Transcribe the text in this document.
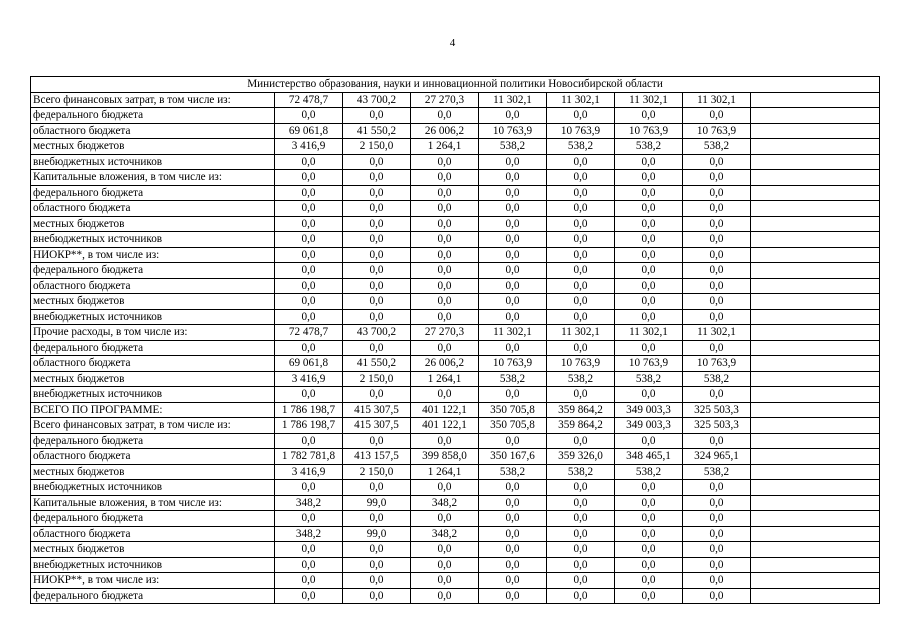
4
Министерство образования, науки и инновационной политики Новосибирской области								
Всего финансовых затрат, в том числе из:	72 478,7	43 700,2	27 270,3	11 302,1	11 302,1	11 302,1	11 302,1	
федерального бюджета	0,0	0,0	0,0	0,0	0,0	0,0	0,0	
областного бюджета	69 061,8	41 550,2	26 006,2	10 763,9	10 763,9	10 763,9	10 763,9	
местных бюджетов	3 416,9	2 150,0	1 264,1	538,2	538,2	538,2	538,2	
внебюджетных источников	0,0	0,0	0,0	0,0	0,0	0,0	0,0	
Капитальные вложения, в том числе из:	0,0	0,0	0,0	0,0	0,0	0,0	0,0	
федерального бюджета	0,0	0,0	0,0	0,0	0,0	0,0	0,0	
областного бюджета	0,0	0,0	0,0	0,0	0,0	0,0	0,0	
местных бюджетов	0,0	0,0	0,0	0,0	0,0	0,0	0,0	
внебюджетных источников	0,0	0,0	0,0	0,0	0,0	0,0	0,0	
НИОКР**, в том числе из:	0,0	0,0	0,0	0,0	0,0	0,0	0,0	
федерального бюджета	0,0	0,0	0,0	0,0	0,0	0,0	0,0	
областного бюджета	0,0	0,0	0,0	0,0	0,0	0,0	0,0	
местных бюджетов	0,0	0,0	0,0	0,0	0,0	0,0	0,0	
внебюджетных источников	0,0	0,0	0,0	0,0	0,0	0,0	0,0	
Прочие расходы, в том числе из:	72 478,7	43 700,2	27 270,3	11 302,1	11 302,1	11 302,1	11 302,1	
федерального бюджета	0,0	0,0	0,0	0,0	0,0	0,0	0,0	
областного бюджета	69 061,8	41 550,2	26 006,2	10 763,9	10 763,9	10 763,9	10 763,9	
местных бюджетов	3 416,9	2 150,0	1 264,1	538,2	538,2	538,2	538,2	
внебюджетных источников	0,0	0,0	0,0	0,0	0,0	0,0	0,0	
ВСЕГО ПО ПРОГРАММЕ:	1 786 198,7	415 307,5	401 122,1	350 705,8	359 864,2	349 003,3	325 503,3	
Всего финансовых затрат, в том числе из:	1 786 198,7	415 307,5	401 122,1	350 705,8	359 864,2	349 003,3	325 503,3	
федерального бюджета	0,0	0,0	0,0	0,0	0,0	0,0	0,0	
областного бюджета	1 782 781,8	413 157,5	399 858,0	350 167,6	359 326,0	348 465,1	324 965,1	
местных бюджетов	3 416,9	2 150,0	1 264,1	538,2	538,2	538,2	538,2	
внебюджетных источников	0,0	0,0	0,0	0,0	0,0	0,0	0,0	
Капитальные вложения, в том числе из:	348,2	99,0	348,2	0,0	0,0	0,0	0,0	
федерального бюджета	0,0	0,0	0,0	0,0	0,0	0,0	0,0	
областного бюджета	348,2	99,0	348,2	0,0	0,0	0,0	0,0	
местных бюджетов	0,0	0,0	0,0	0,0	0,0	0,0	0,0	
внебюджетных источников	0,0	0,0	0,0	0,0	0,0	0,0	0,0	
НИОКР**, в том числе из:	0,0	0,0	0,0	0,0	0,0	0,0	0,0	
федерального бюджета	0,0	0,0	0,0	0,0	0,0	0,0	0,0	
